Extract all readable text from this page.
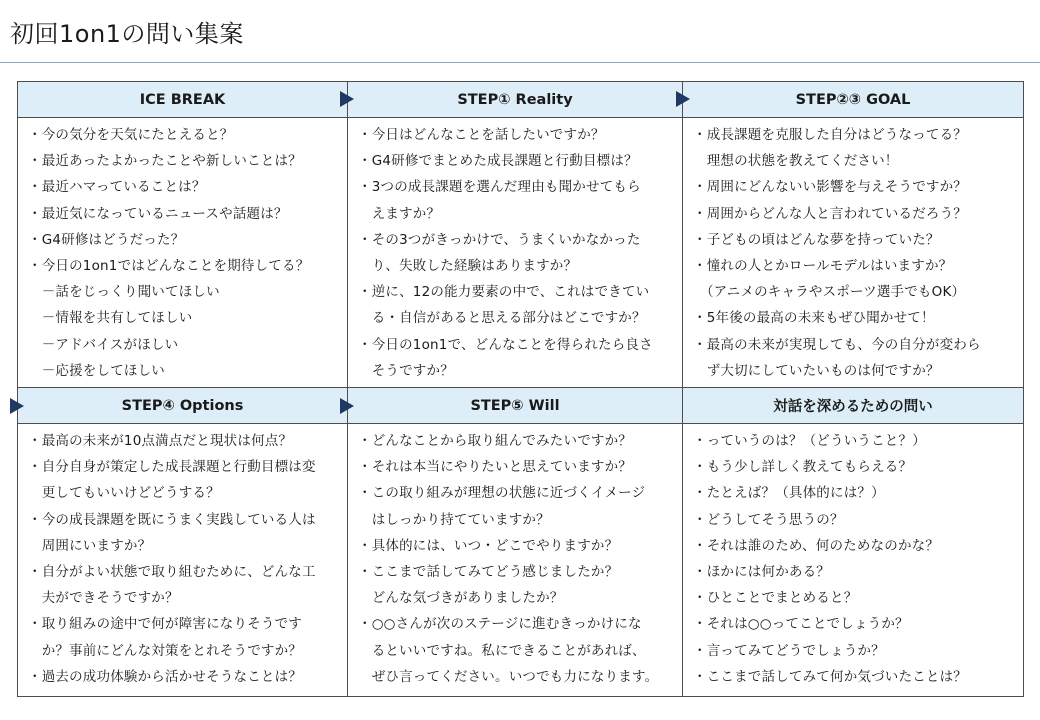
初回1on1の問い集案
ICE BREAK	STEP① Reality	STEP②③ GOAL
・今の気分を天気にたとえると？
・最近あったよかったことや新しいことは？
・最近ハマっていることは？
・最近気になっているニュースや話題は？
・G4研修はどうだった？
・今日の1on1ではどんなことを期待してる？
　－話をじっくり聞いてほしい
　－情報を共有してほしい
　－アドバイスがほしい
　－応援をしてほしい
・今日はどんなことを話したいですか？
・G4研修でまとめた成長課題と行動目標は？
・3つの成長課題を選んだ理由も聞かせてもら
　えますか？
・その3つがきっかけで、うまくいかなかった
　り、失敗した経験はありますか？
・逆に、12の能力要素の中で、これはできてい
　る・自信があると思える部分はどこですか？
・今日の1on1で、どんなことを得られたら良さ
　そうですか？
・成長課題を克服した自分はどうなってる？
　理想の状態を教えてください！
・周囲にどんないい影響を与えそうですか？
・周囲からどんな人と言われているだろう？
・子どもの頃はどんな夢を持っていた？
・憧れの人とかロールモデルはいますか？
　（アニメのキャラやスポーツ選手でもOK）
・5年後の最高の未来もぜひ聞かせて！
・最高の未来が実現しても、今の自分が変わら
　ず大切にしていたいものは何ですか？
STEP④ Options	STEP⑤ Will	対話を深めるための問い
・最高の未来が10点満点だと現状は何点？
・自分自身が策定した成長課題と行動目標は変
　更してもいいけどどうする？
・今の成長課題を既にうまく実践している人は
　周囲にいますか？
・自分がよい状態で取り組むために、どんな工
　夫ができそうですか？
・取り組みの途中で何が障害になりそうです
　か？事前にどんな対策をとれそうですか？
・過去の成功体験から活かせそうなことは？
・どんなことから取り組んでみたいですか？
・それは本当にやりたいと思えていますか？
・この取り組みが理想の状態に近づくイメージ
　はしっかり持てていますか？
・具体的には、いつ・どこでやりますか？
・ここまで話してみてどう感じましたか？
　どんな気づきがありましたか？
・○○さんが次のステージに進むきっかけにな
　るといいですね。私にできることがあれば、
　ぜひ言ってください。いつでも力になります。
・っていうのは？（どういうこと？）
・もう少し詳しく教えてもらえる？
・たとえば？（具体的には？）
・どうしてそう思うの？
・それは誰のため、何のためなのかな？
・ほかには何かある？
・ひとことでまとめると？
・それは○○ってことでしょうか？
・言ってみてどうでしょうか？
・ここまで話してみて何か気づいたことは？
